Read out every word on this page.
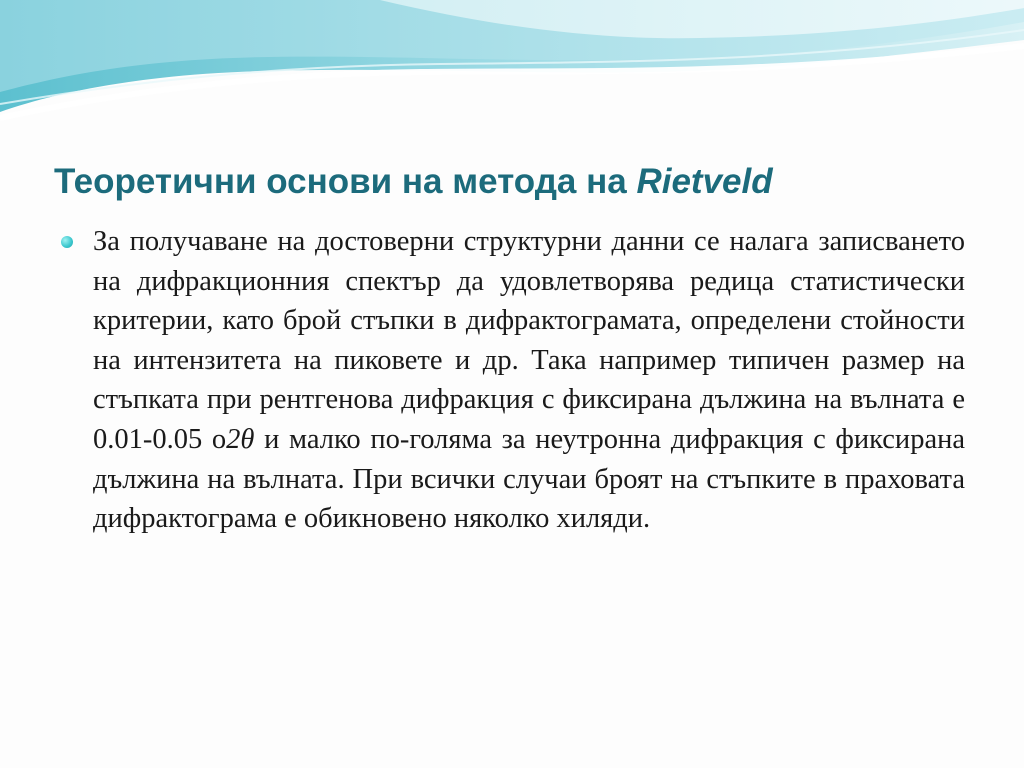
Теоретични основи на метода на Rietveld

За получаване на достоверни структурни данни се налага записването на дифракционния спектър да удовлетворява редица статистически критерии, като брой стъпки в дифрактограмата, определени стойности на интензитета на пиковете и др. Така например типичен размер на стъпката при рентгенова дифракция с фиксирана дължина на вълната е 0.01-0.05 о2θ и малко по-голяма за неутронна дифракция с фиксирана дължина на вълната. При всички случаи броят на стъпките в праховата дифрактограма е обикновено няколко хиляди.
